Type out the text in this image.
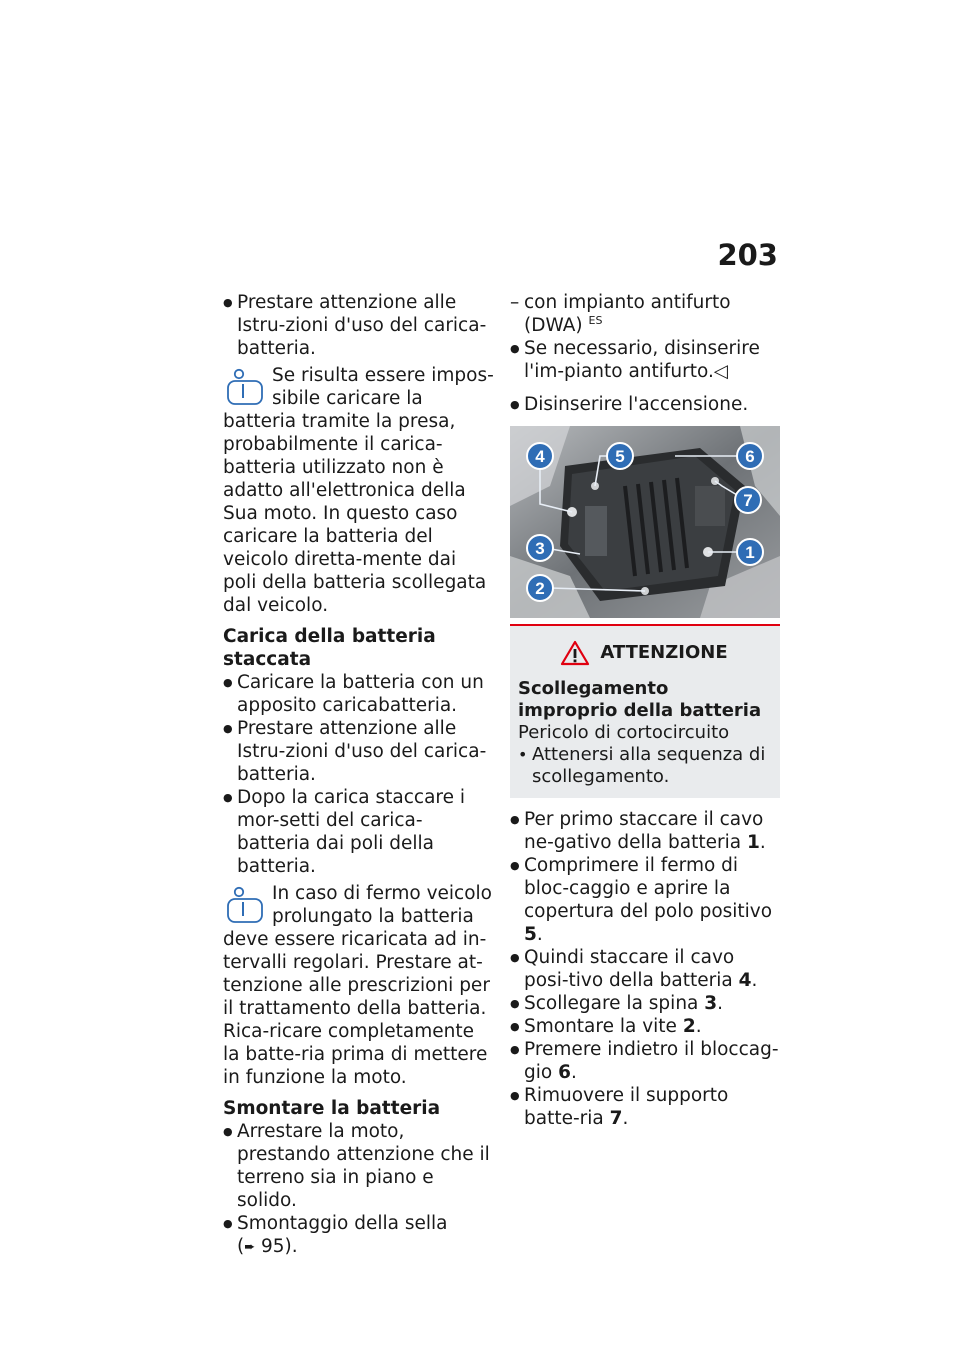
203

● Prestare attenzione alle Istru-zioni d'uso del carica-batteria.

Se risulta essere impos-sibile caricare la batteria tramite la presa, probabilmente il carica-batteria utilizzato non è adatto all'elettronica della Sua moto. In questo caso caricare la batteria del veicolo diretta-mente dai poli della batteria scollegata dal veicolo.

Carica della batteria staccata

● Caricare la batteria con un apposito caricabatteria.

● Prestare attenzione alle Istru-zioni d'uso del carica-batteria.

● Dopo la carica staccare i mor-setti del carica-batteria dai poli della batteria.

In caso di fermo veicolo prolungato la batteria deve essere ricaricata ad in-tervalli regolari. Prestare at-tenzione alle prescrizioni per il trattamento della batteria. Rica-ricare completamente la batte-ria prima di mettere in funzione la moto.

Smontare la batteria

● Arrestare la moto, prestando attenzione che il terreno sia in piano e solido.

● Smontaggio della sella
(➨ 95).

– con impianto antifurto (DWA) $^{ES}$

● Se necessario, disinserire l'im-pianto antifurto.◁

● Disinserire l'accensione.

1
2
3
4	5	6
7
ATTENZIONE
Scollegamento improprio della batteria
Pericolo di cortocircuito

• Attenersi alla sequenza di scollegamento.

● Per primo staccare il cavo ne-gativo della batteria 1.

● Comprimere il fermo di bloc-caggio e aprire la copertura del polo positivo 5.

● Quindi staccare il cavo posi-tivo della batteria 4.

● Scollegare la spina 3.

● Smontare la vite 2.

● Premere indietro il bloccag-gio 6.

● Rimuovere il supporto batte-ria 7.
